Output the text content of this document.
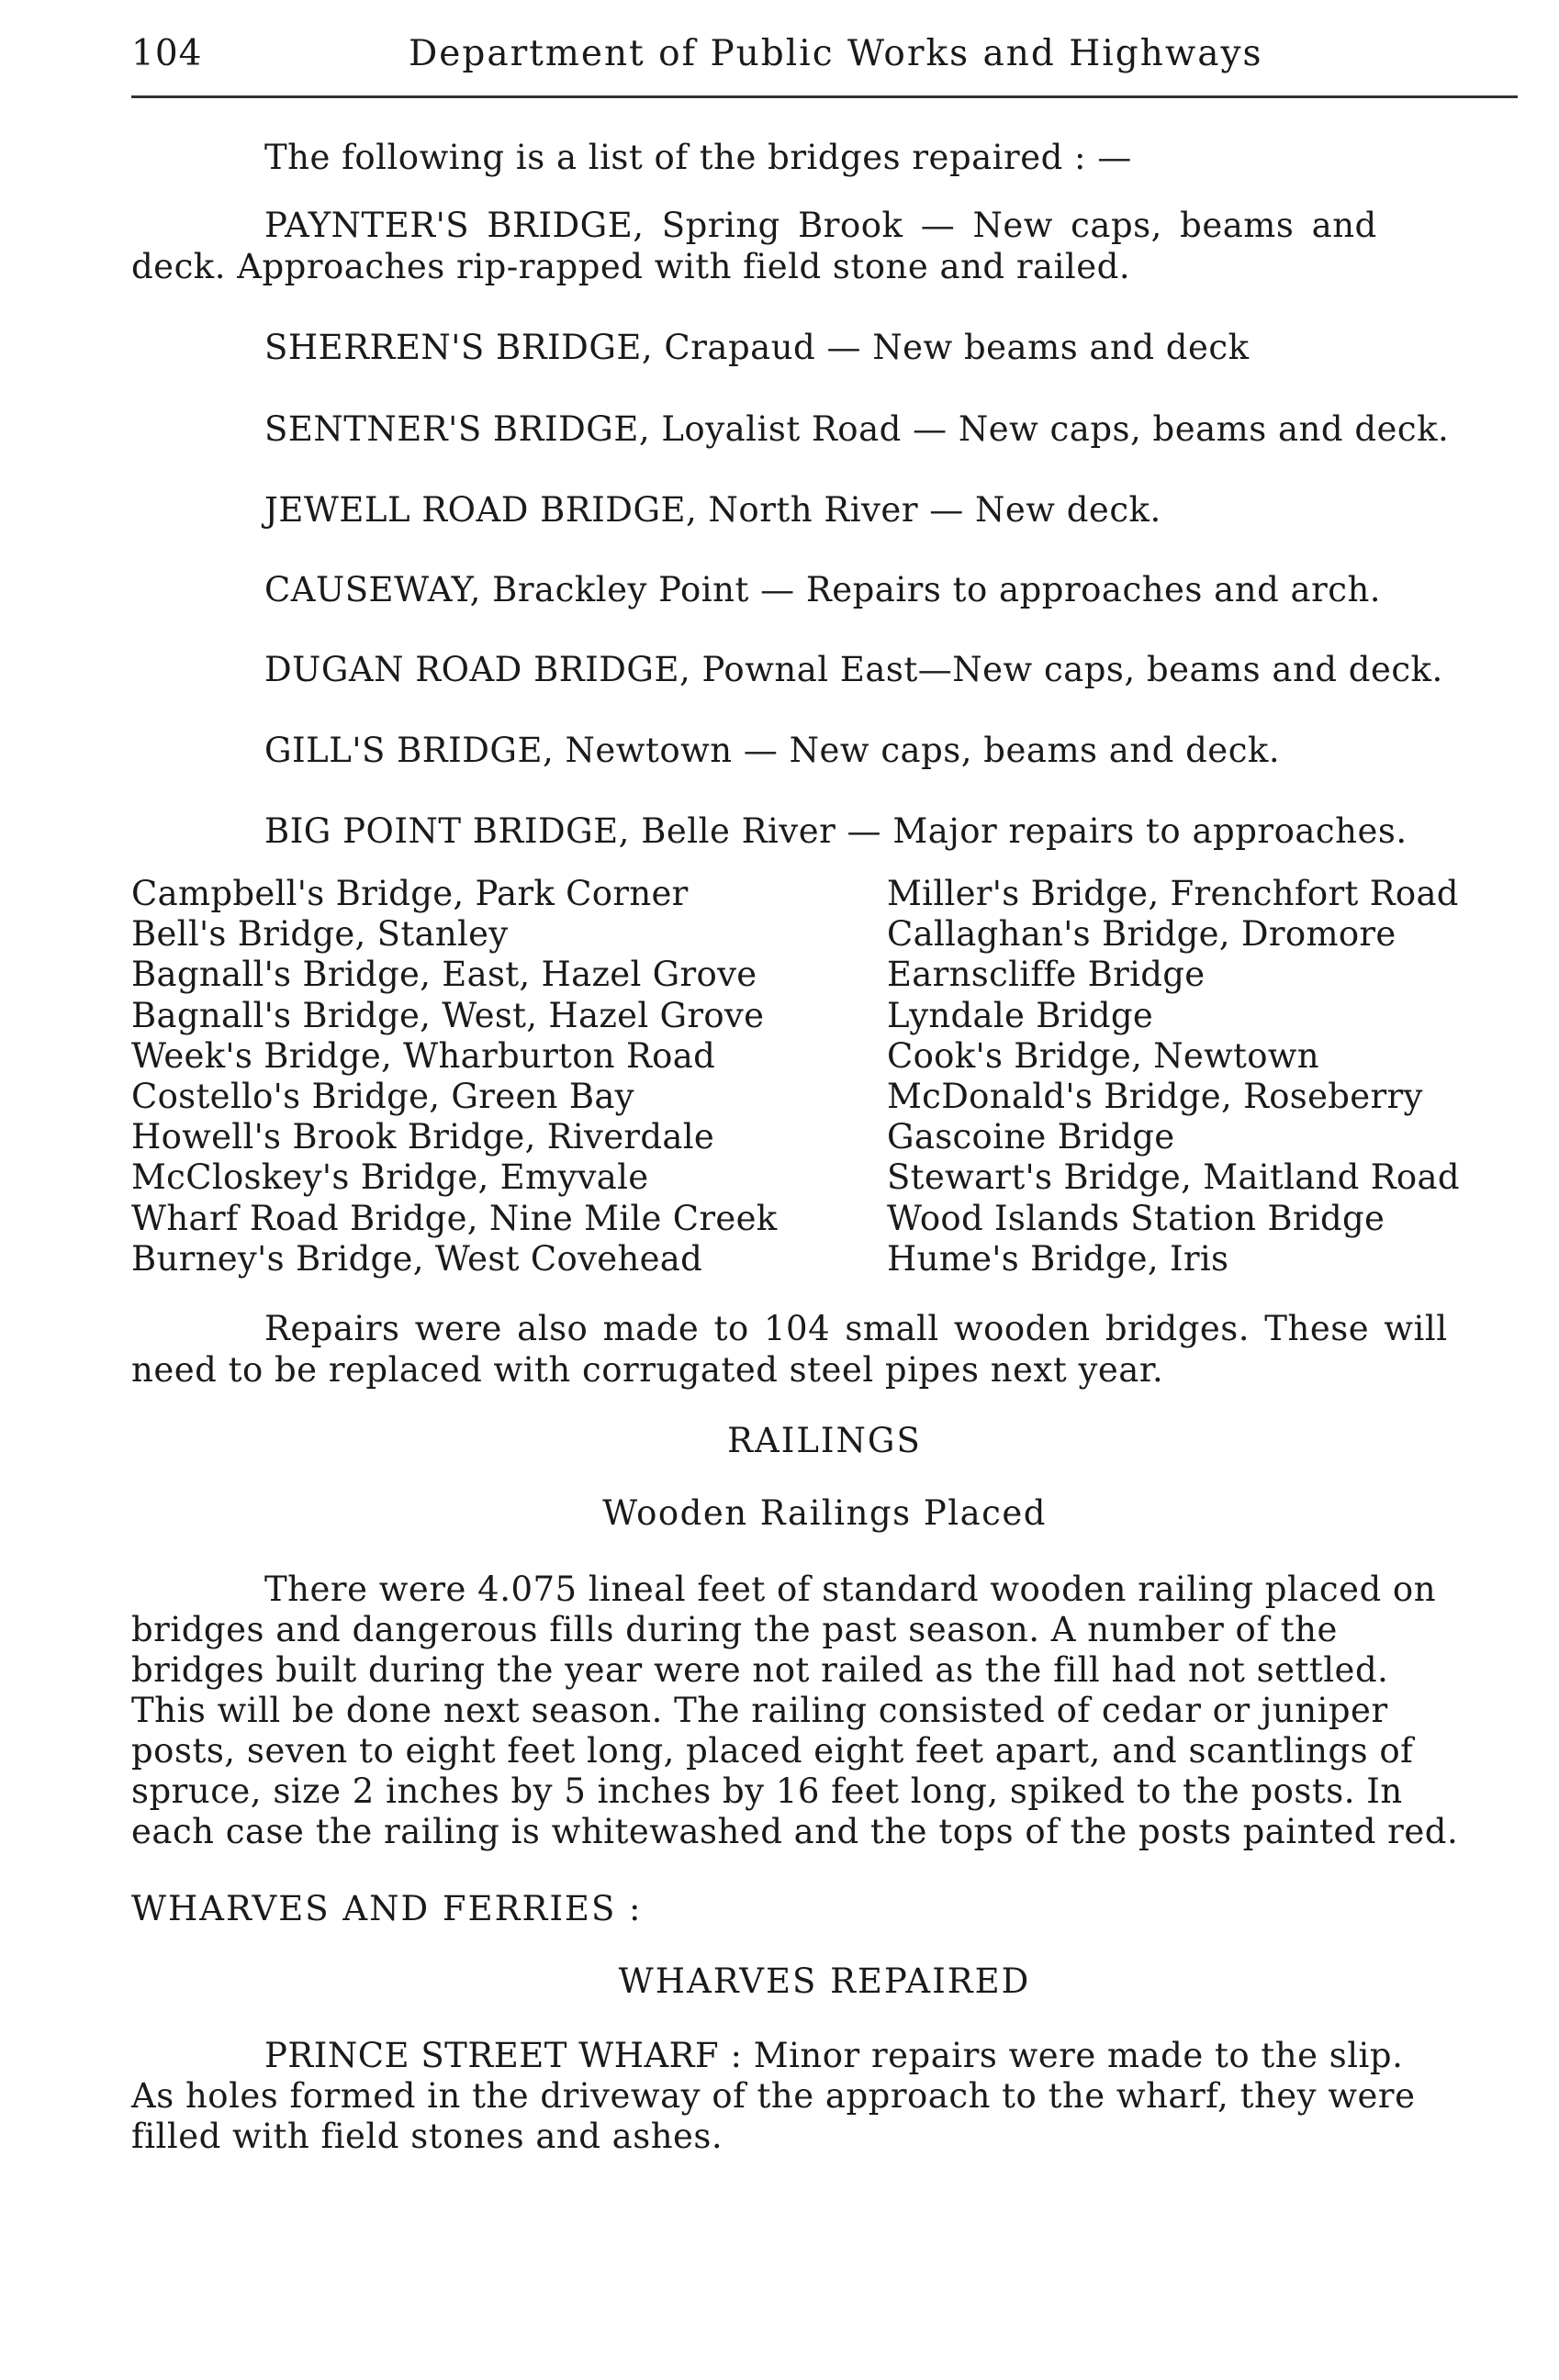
104	Department of Public Works and Highways
The following is a list of the bridges repaired : —
PAYNTER'S BRIDGE, Spring Brook — New caps, beams and
deck. Approaches rip-rapped with field stone and railed.
SHERREN'S BRIDGE, Crapaud — New beams and deck
SENTNER'S BRIDGE, Loyalist Road — New caps, beams and deck.
JEWELL ROAD BRIDGE, North River — New deck.
CAUSEWAY, Brackley Point — Repairs to approaches and arch.
DUGAN ROAD BRIDGE, Pownal East—New caps, beams and deck.
GILL'S BRIDGE, Newtown — New caps, beams and deck.
BIG POINT BRIDGE, Belle River — Major repairs to approaches.
Campbell's Bridge, Park Corner
Bell's Bridge, Stanley
Bagnall's Bridge, East, Hazel Grove
Bagnall's Bridge, West, Hazel Grove
Week's Bridge, Wharburton Road
Costello's Bridge, Green Bay
Howell's Brook Bridge, Riverdale
McCloskey's Bridge, Emyvale
Wharf Road Bridge, Nine Mile Creek
Burney's Bridge, West Covehead
Miller's Bridge, Frenchfort Road
Callaghan's Bridge, Dromore
Earnscliffe Bridge
Lyndale Bridge
Cook's Bridge, Newtown
McDonald's Bridge, Roseberry
Gascoine Bridge
Stewart's Bridge, Maitland Road
Wood Islands Station Bridge
Hume's Bridge, Iris
Repairs were also made to 104 small wooden bridges. These will
need to be replaced with corrugated steel pipes next year.
RAILINGS
Wooden Railings Placed
There were 4.075 lineal feet of standard wooden railing placed on
bridges and dangerous fills during the past season. A number of the
bridges built during the year were not railed as the fill had not settled.
This will be done next season. The railing consisted of cedar or juniper
posts, seven to eight feet long, placed eight feet apart, and scantlings of
spruce, size 2 inches by 5 inches by 16 feet long, spiked to the posts. In
each case the railing is whitewashed and the tops of the posts painted red.
WHARVES AND FERRIES :
WHARVES REPAIRED
PRINCE STREET WHARF : Minor repairs were made to the slip.
As holes formed in the driveway of the approach to the wharf, they were
filled with field stones and ashes.
